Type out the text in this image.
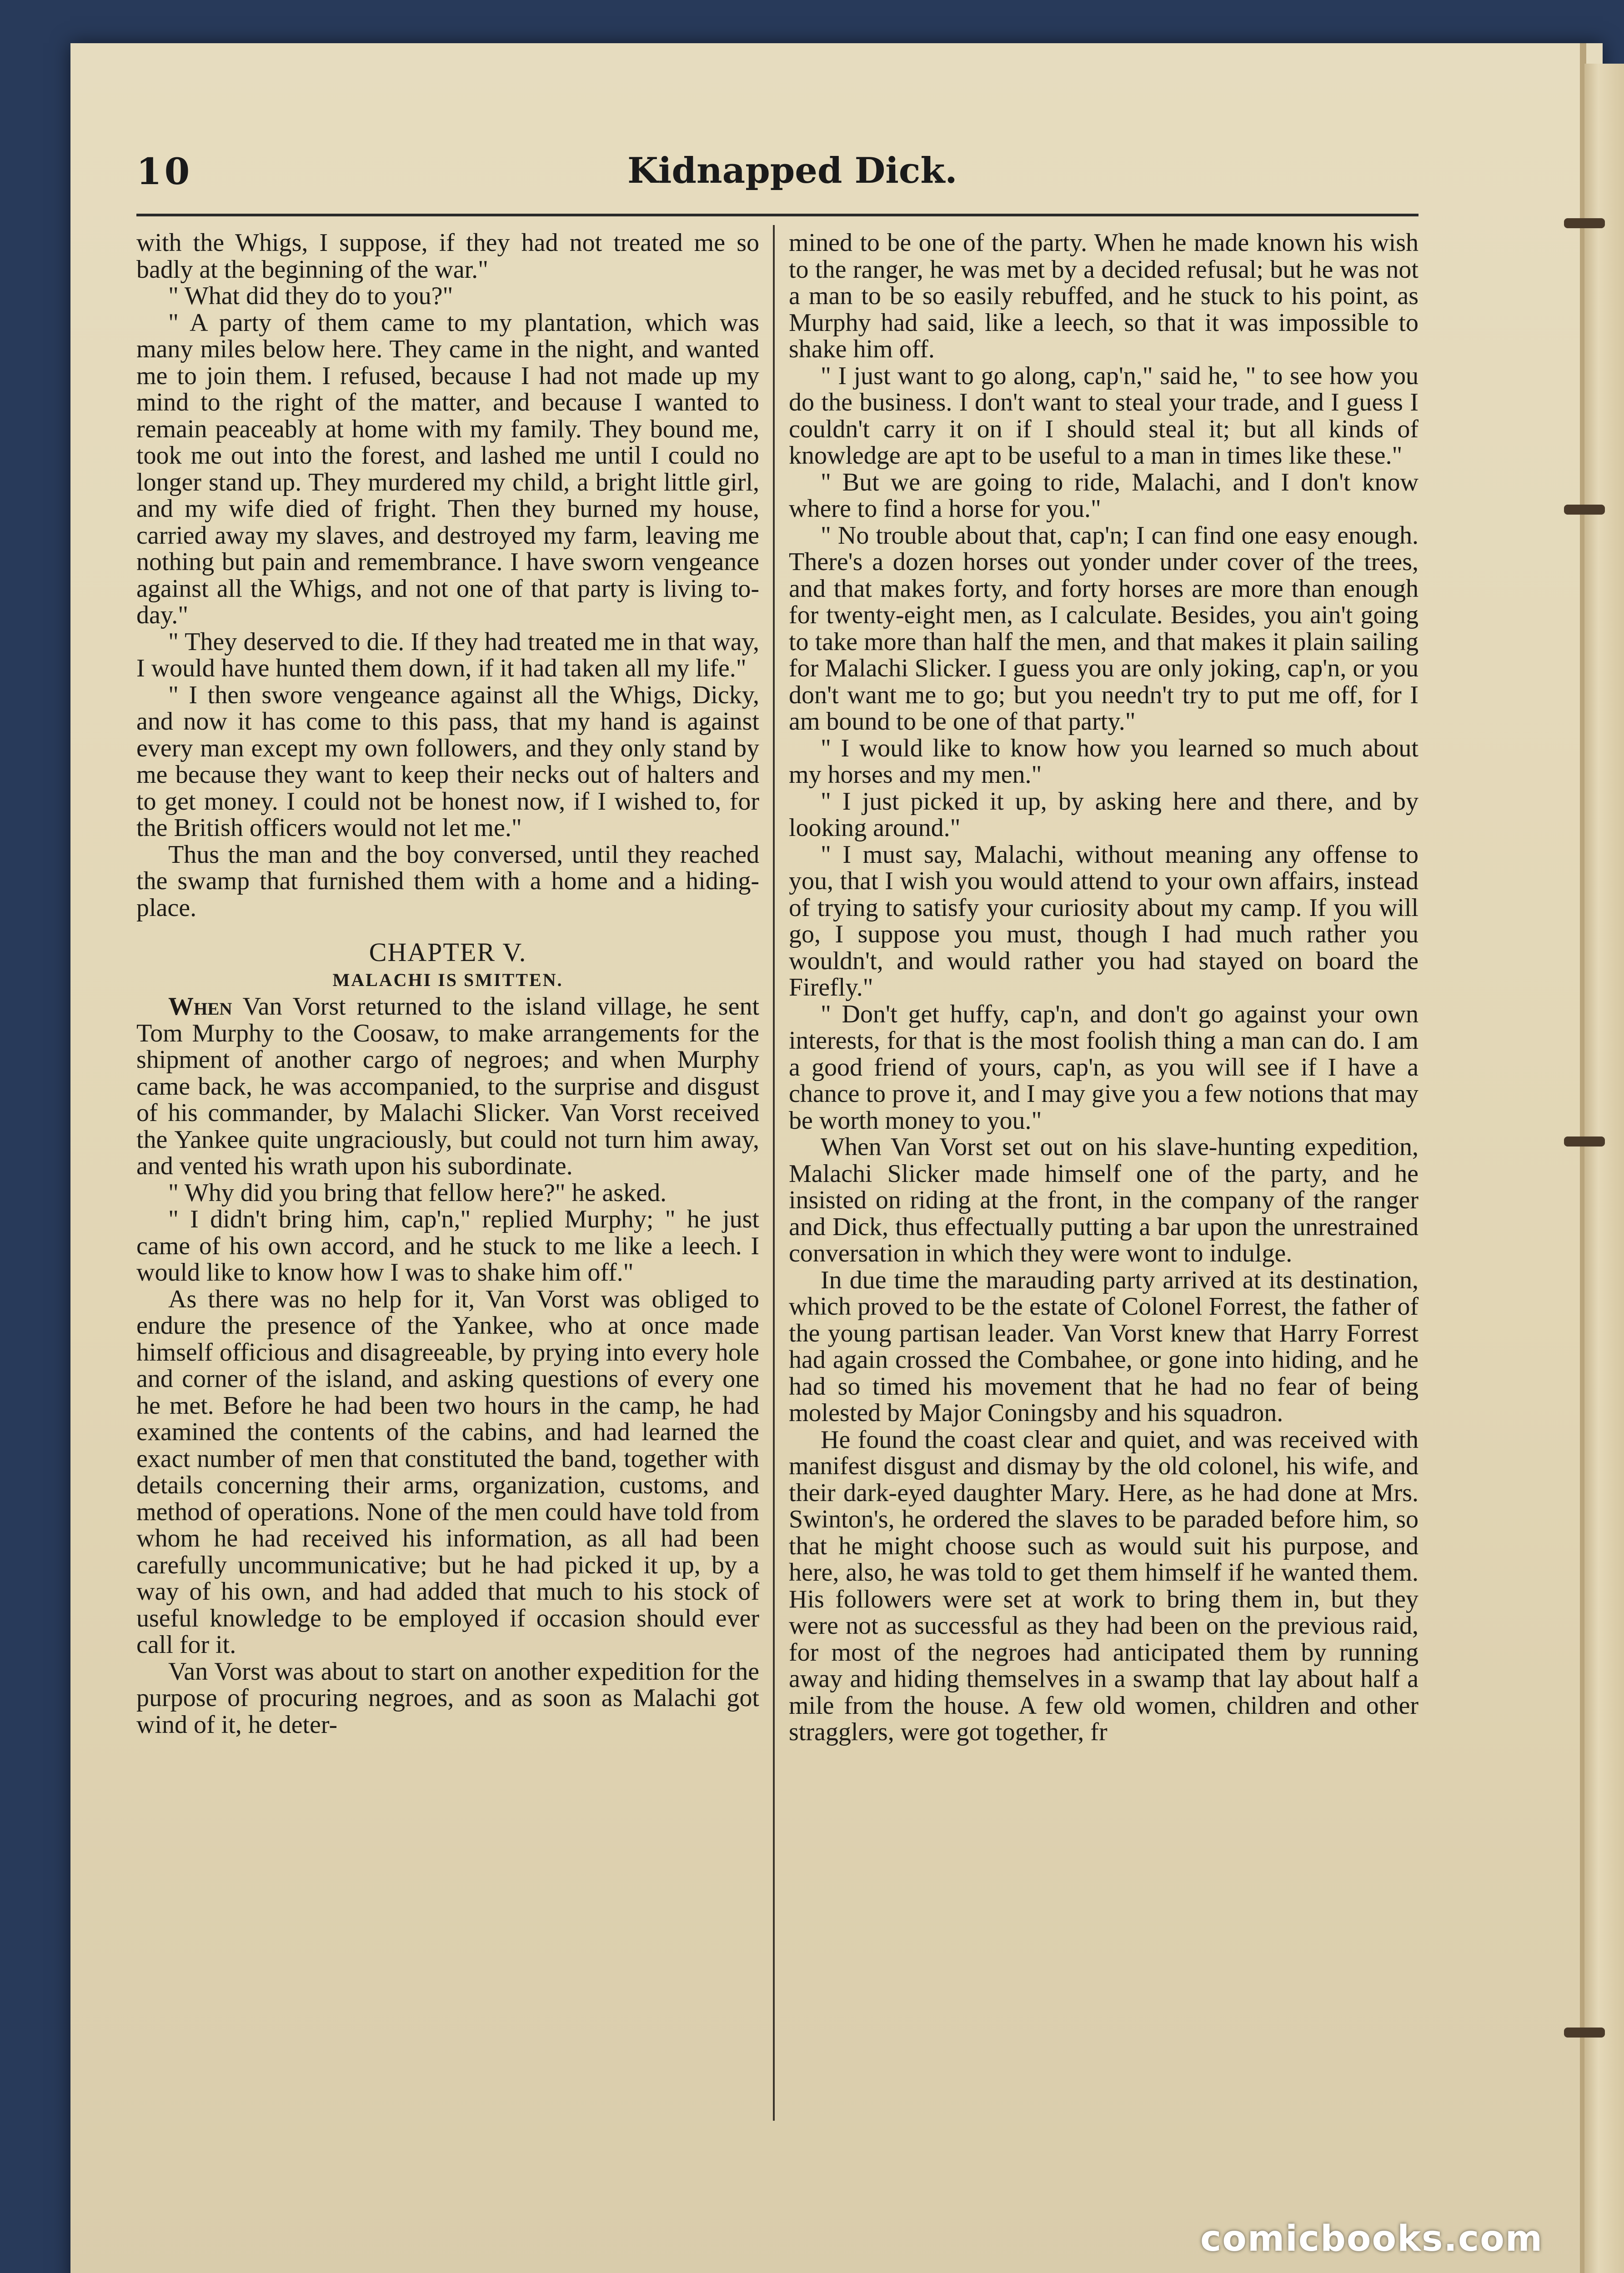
10	Kidnapped Dick.

with the Whigs, I suppose, if they had not treated me so badly at the beginning of the war."

" What did they do to you?"

" A party of them came to my plantation, which was many miles below here. They came in the night, and wanted me to join them. I refused, because I had not made up my mind to the right of the matter, and because I wanted to remain peaceably at home with my family. They bound me, took me out into the forest, and lashed me until I could no longer stand up. They murdered my child, a bright little girl, and my wife died of fright. Then they burned my house, carried away my slaves, and destroyed my farm, leaving me nothing but pain and remembrance. I have sworn vengeance against all the Whigs, and not one of that party is living to-day."

" They deserved to die. If they had treated me in that way, I would have hunted them down, if it had taken all my life."

" I then swore vengeance against all the Whigs, Dicky, and now it has come to this pass, that my hand is against every man except my own followers, and they only stand by me because they want to keep their necks out of halters and to get money. I could not be honest now, if I wished to, for the British officers would not let me."

Thus the man and the boy conversed, until they reached the swamp that furnished them with a home and a hiding-place.

CHAPTER V.
MALACHI IS SMITTEN.

When Van Vorst returned to the island village, he sent Tom Murphy to the Coosaw, to make arrangements for the shipment of another cargo of negroes; and when Murphy came back, he was accompanied, to the surprise and disgust of his commander, by Malachi Slicker. Van Vorst received the Yankee quite ungraciously, but could not turn him away, and vented his wrath upon his subordinate.

" Why did you bring that fellow here?" he asked.

" I didn't bring him, cap'n," replied Murphy; " he just came of his own accord, and he stuck to me like a leech. I would like to know how I was to shake him off."

As there was no help for it, Van Vorst was obliged to endure the presence of the Yankee, who at once made himself officious and disagreeable, by prying into every hole and corner of the island, and asking questions of every one he met. Before he had been two hours in the camp, he had examined the contents of the cabins, and had learned the exact number of men that constituted the band, together with details concerning their arms, organization, customs, and method of operations. None of the men could have told from whom he had received his information, as all had been carefully uncommunicative; but he had picked it up, by a way of his own, and had added that much to his stock of useful knowledge to be employed if occasion should ever call for it.

Van Vorst was about to start on another expedition for the purpose of procuring negroes, and as soon as Malachi got wind of it, he deter-

mined to be one of the party. When he made known his wish to the ranger, he was met by a decided refusal; but he was not a man to be so easily rebuffed, and he stuck to his point, as Murphy had said, like a leech, so that it was impossible to shake him off.

" I just want to go along, cap'n," said he, " to see how you do the business. I don't want to steal your trade, and I guess I couldn't carry it on if I should steal it; but all kinds of knowledge are apt to be useful to a man in times like these."

" But we are going to ride, Malachi, and I don't know where to find a horse for you."

" No trouble about that, cap'n; I can find one easy enough. There's a dozen horses out yonder under cover of the trees, and that makes forty, and forty horses are more than enough for twenty-eight men, as I calculate. Besides, you ain't going to take more than half the men, and that makes it plain sailing for Malachi Slicker. I guess you are only joking, cap'n, or you don't want me to go; but you needn't try to put me off, for I am bound to be one of that party."

" I would like to know how you learned so much about my horses and my men."

" I just picked it up, by asking here and there, and by looking around."

" I must say, Malachi, without meaning any offense to you, that I wish you would attend to your own affairs, instead of trying to satisfy your curiosity about my camp. If you will go, I suppose you must, though I had much rather you wouldn't, and would rather you had stayed on board the Firefly."

" Don't get huffy, cap'n, and don't go against your own interests, for that is the most foolish thing a man can do. I am a good friend of yours, cap'n, as you will see if I have a chance to prove it, and I may give you a few notions that may be worth money to you."

When Van Vorst set out on his slave-hunting expedition, Malachi Slicker made himself one of the party, and he insisted on riding at the front, in the company of the ranger and Dick, thus effectually putting a bar upon the unrestrained conversation in which they were wont to indulge.

In due time the marauding party arrived at its destination, which proved to be the estate of Colonel Forrest, the father of the young partisan leader. Van Vorst knew that Harry Forrest had again crossed the Combahee, or gone into hiding, and he had so timed his movement that he had no fear of being molested by Major Coningsby and his squadron.

He found the coast clear and quiet, and was received with manifest disgust and dismay by the old colonel, his wife, and their dark-eyed daughter Mary. Here, as he had done at Mrs. Swinton's, he ordered the slaves to be paraded before him, so that he might choose such as would suit his purpose, and here, also, he was told to get them himself if he wanted them. His followers were set at work to bring them in, but they were not as successful as they had been on the previous raid, for most of the negroes had anticipated them by running away and hiding themselves in a swamp that lay about half a mile from the house. A few old women, children and other stragglers, were got together, fr

comicbooks.com
